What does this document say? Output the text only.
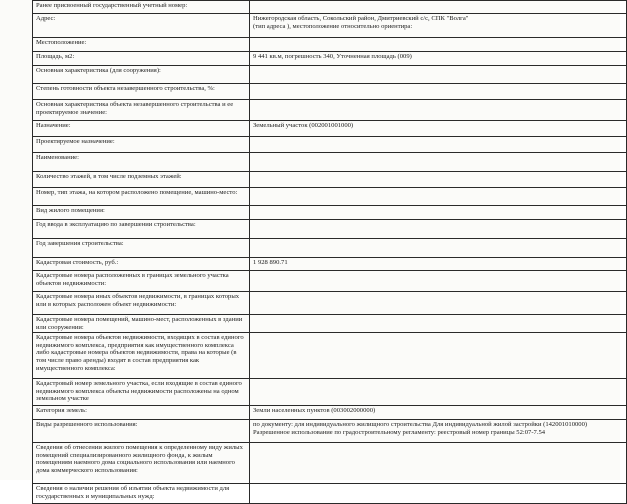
Ранее присвоенный государственный учетный номер:	
Адрес:	Нижегородская область, Сокольский район, Дмитриевский с/с, СПК "Волга"
(тип адреса ), местоположение относительно ориентира:

Местоположение:	
Площадь, м2:	9 441 кв.м, погрешность 340, Уточненная площадь (009)

Основная характеристика (для сооружения):	
Степень готовности объекта незавершенного строительства, %:	
Основная характеристика объекта незавершенного строительства и ее проектируемое значение:	
Назначение:	Земельный участок (002001001000)

Проектируемое назначение:	
Наименование:	
Количество этажей, в том числе подземных этажей:	
Номер, тип этажа, на котором расположено помещение, машино-место:	
Вид жилого помещения:	
Год ввода в эксплуатацию по завершении строительства:	
Год завершения строительства:	
Кадастровая стоимость, руб.:	1 928 890.71

Кадастровые номера расположенных в границах земельного участка объектов недвижимости:	
Кадастровые номера иных объектов недвижимости, в границах которых или в которых расположен объект недвижимости:	
Кадастровые номера помещений, машино-мест, расположенных в здании или сооружении:	
Кадастровые номера объектов недвижимости, входящих в состав единого недвижимого комплекса, предприятия как имущественного комплекса либо кадастровые номера объектов недвижимости, права на которые (в том числе право аренды) входят в состав предприятия как имущественного комплекса:	
Кадастровый номер земельного участка, если входящие в состав единого недвижимого комплекса объекты недвижимости расположены на одном земельном участке	
Категория земель:	Земли населенных пунктов (003002000000)

Виды разрешенного использования:	по документу: для индивидуального жилищного строительства Для индивидуальной жилой застройки (142001010000)
Разрешенное использование по градостроительному регламенту: реестровый номер границы 52:07-7.54

Сведения об отнесении жилого помещения к определенному виду жилых помещений специализированного жилищного фонда, к жилым помещениям наемного дома социального использования или наемного дома коммерческого использования:	
Сведения о наличии решения об изъятии объекта недвижимости для государственных и муниципальных нужд:	
